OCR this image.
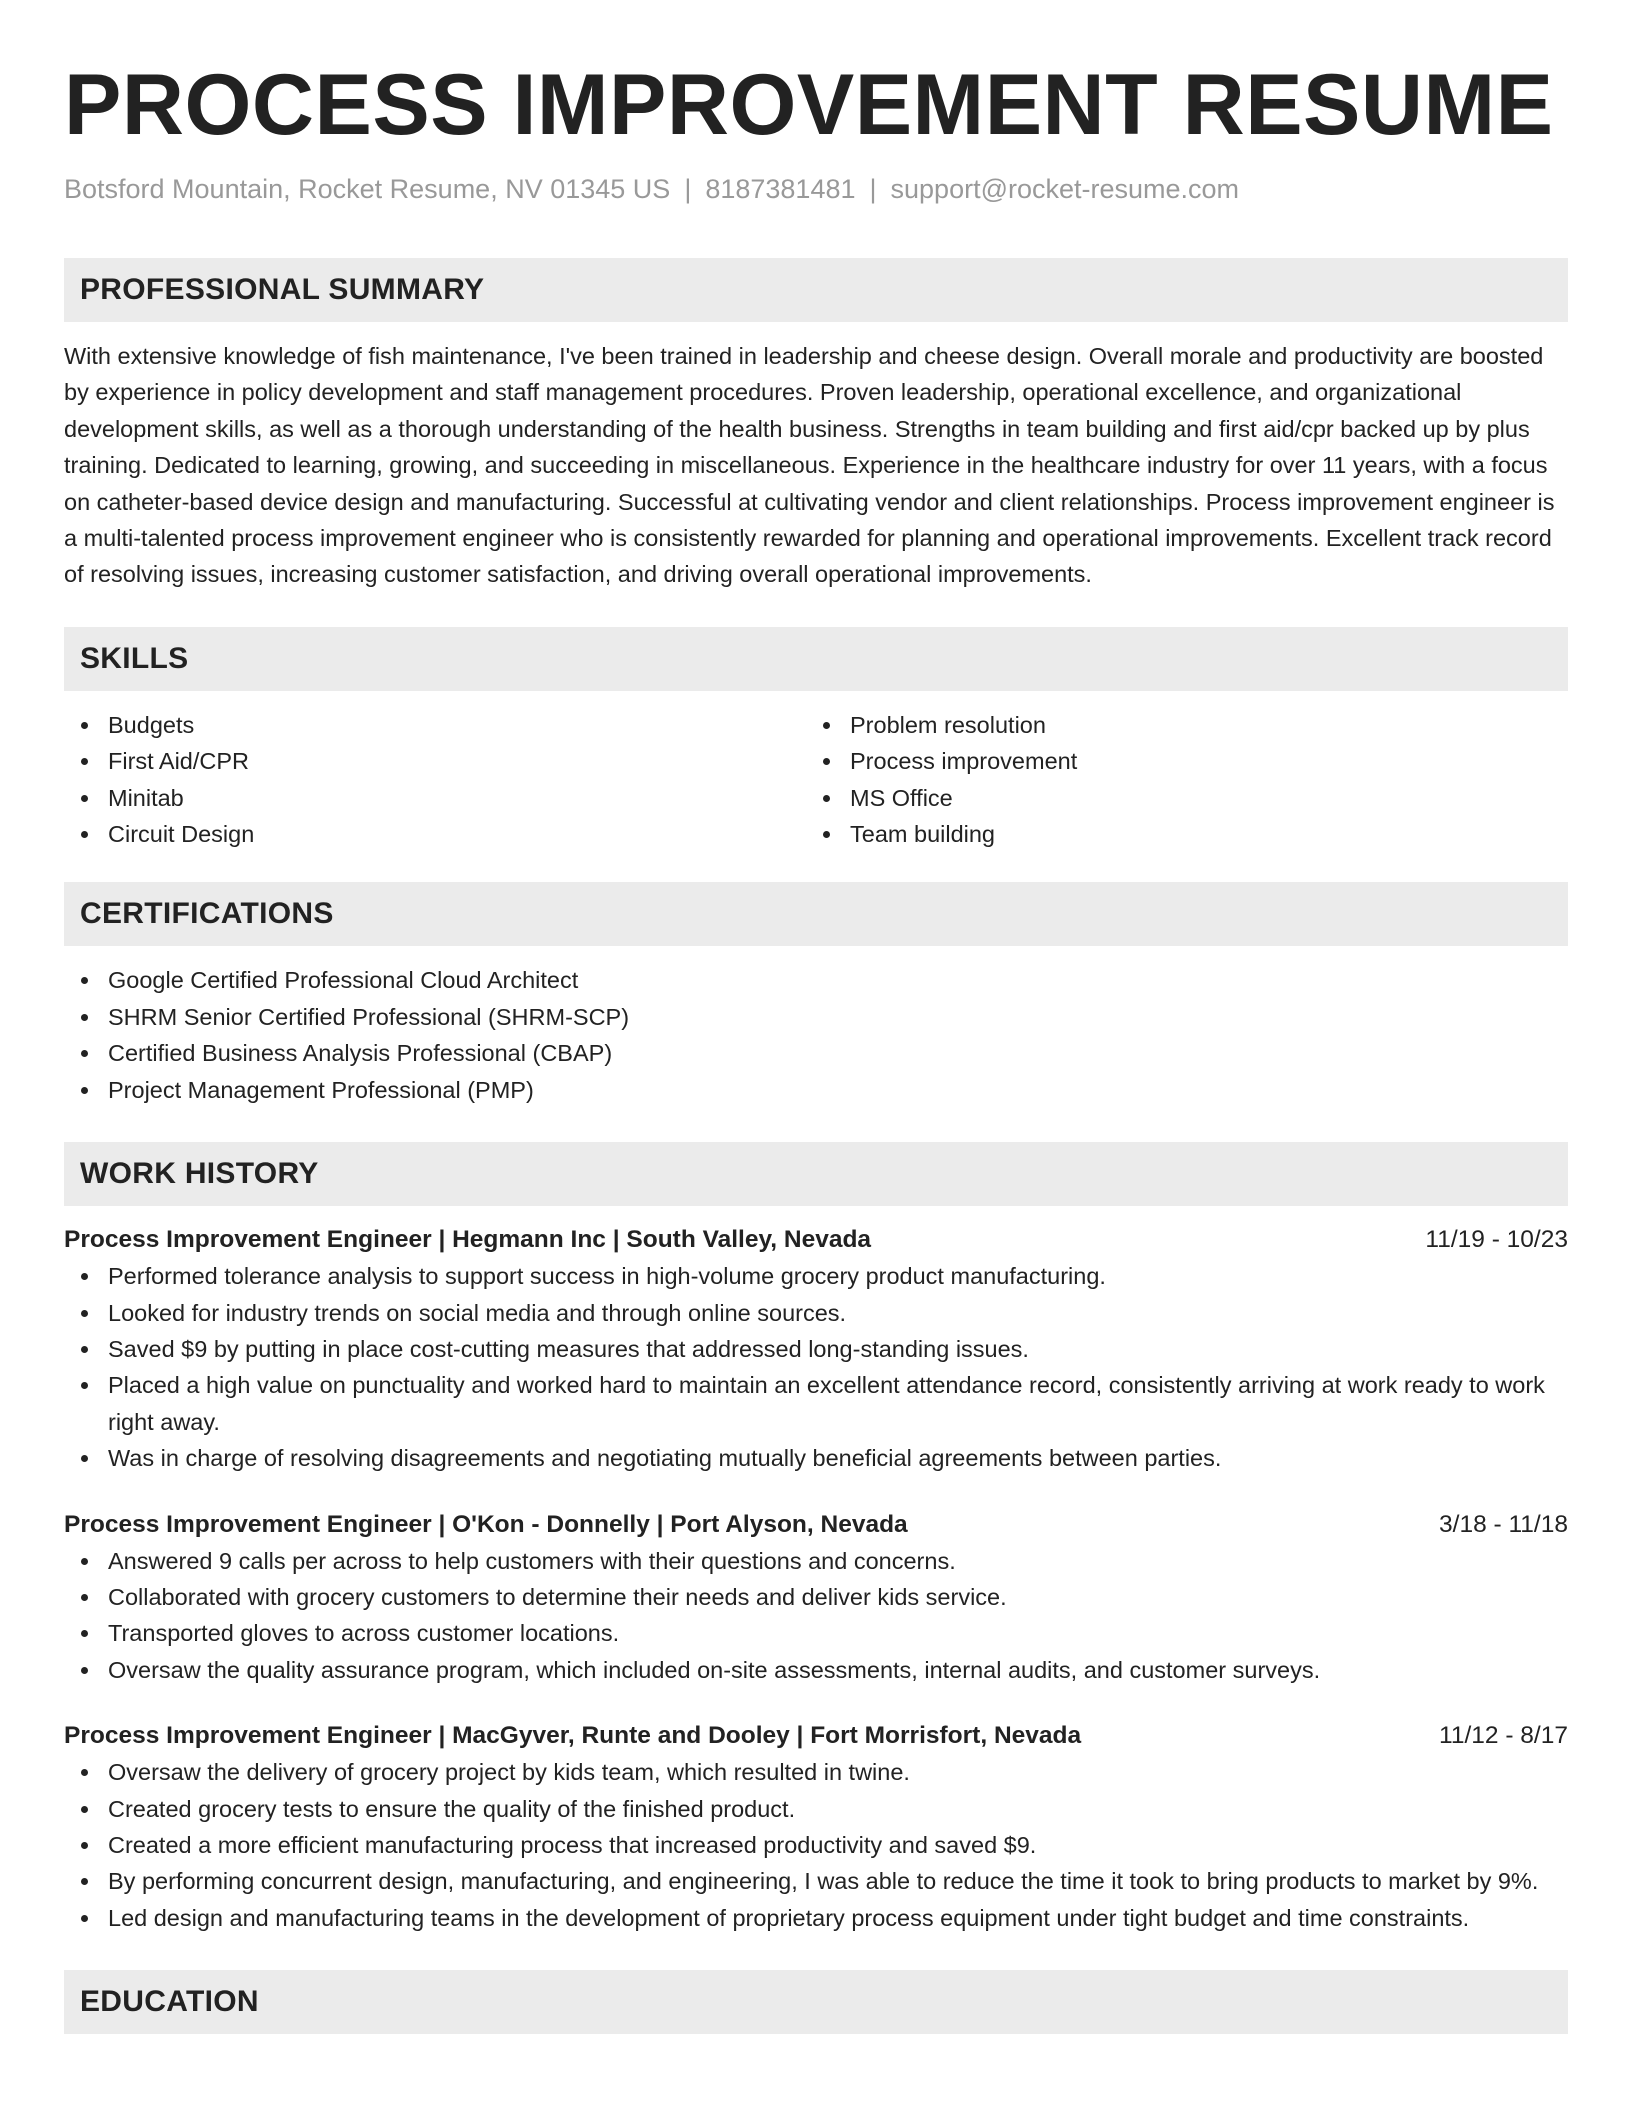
PROCESS IMPROVEMENT RESUME
Botsford Mountain, Rocket Resume, NV 01345 US | 8187381481 | support@rocket-resume.com
PROFESSIONAL SUMMARY

With extensive knowledge of fish maintenance, I've been trained in leadership and cheese design. Overall morale and productivity are boosted by experience in policy development and staff management procedures. Proven leadership, operational excellence, and organizational development skills, as well as a thorough understanding of the health business. Strengths in team building and first aid/cpr backed up by plus training. Dedicated to learning, growing, and succeeding in miscellaneous. Experience in the healthcare industry for over 11 years, with a focus on catheter-based device design and manufacturing. Successful at cultivating vendor and client relationships. Process improvement engineer is a multi-talented process improvement engineer who is consistently rewarded for planning and operational improvements. Excellent track record of resolving issues, increasing customer satisfaction, and driving overall operational improvements.

SKILLS
Budgets
First Aid/CPR
Minitab
Circuit Design
Problem resolution
Process improvement
MS Office
Team building
CERTIFICATIONS
Google Certified Professional Cloud Architect
SHRM Senior Certified Professional (SHRM-SCP)
Certified Business Analysis Professional (CBAP)
Project Management Professional (PMP)
WORK HISTORY
Process Improvement Engineer | Hegmann Inc | South Valley, Nevada	11/19 - 10/23
Performed tolerance analysis to support success in high-volume grocery product manufacturing.
Looked for industry trends on social media and through online sources.
Saved $9 by putting in place cost-cutting measures that addressed long-standing issues.
Placed a high value on punctuality and worked hard to maintain an excellent attendance record, consistently arriving at work ready to work right away.
Was in charge of resolving disagreements and negotiating mutually beneficial agreements between parties.
Process Improvement Engineer | O'Kon - Donnelly | Port Alyson, Nevada	3/18 - 11/18
Answered 9 calls per across to help customers with their questions and concerns.
Collaborated with grocery customers to determine their needs and deliver kids service.
Transported gloves to across customer locations.
Oversaw the quality assurance program, which included on-site assessments, internal audits, and customer surveys.
Process Improvement Engineer | MacGyver, Runte and Dooley | Fort Morrisfort, Nevada	11/12 - 8/17
Oversaw the delivery of grocery project by kids team, which resulted in twine.
Created grocery tests to ensure the quality of the finished product.
Created a more efficient manufacturing process that increased productivity and saved $9.
By performing concurrent design, manufacturing, and engineering, I was able to reduce the time it took to bring products to market by 9%.
Led design and manufacturing teams in the development of proprietary process equipment under tight budget and time constraints.
EDUCATION
